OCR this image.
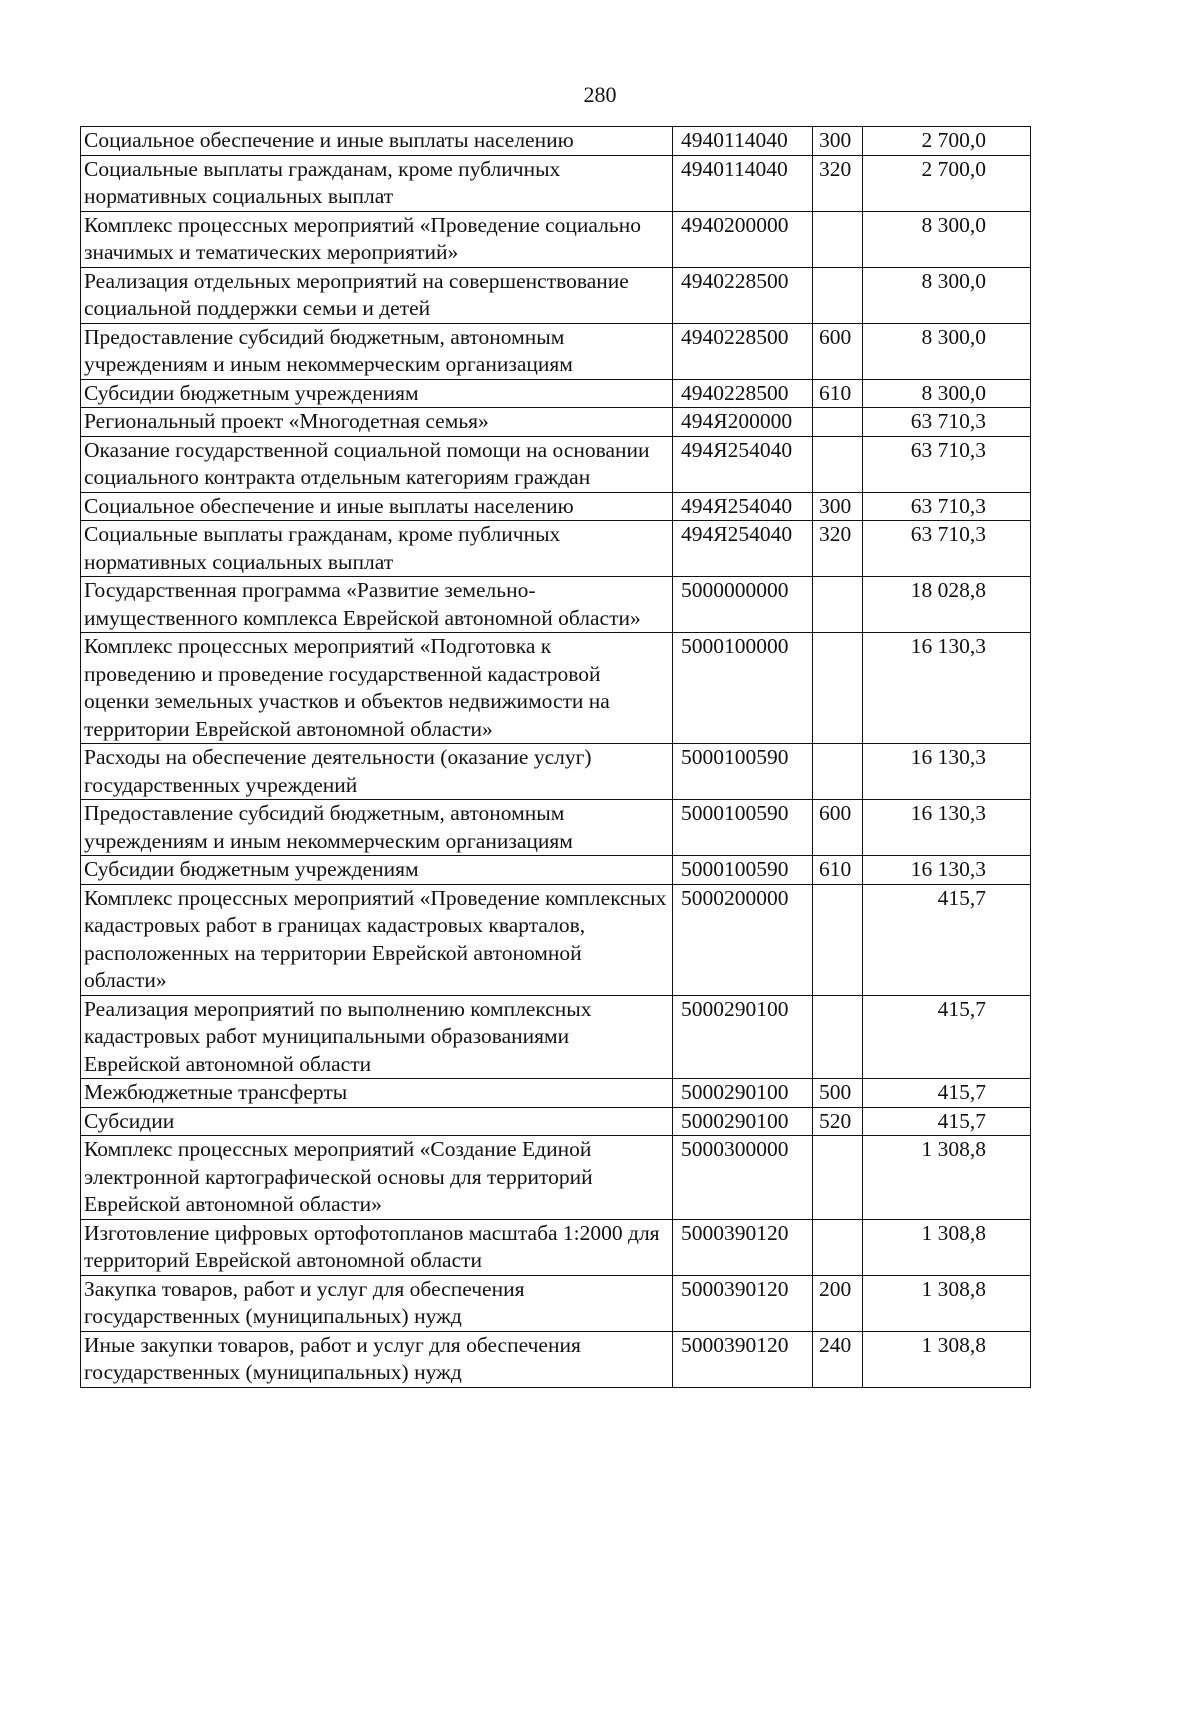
280
Социальное обеспечение и иные выплаты населению	4940114040	300	2 700,0
Социальные выплаты гражданам, кроме публичных нормативных социальных выплат	4940114040	320	2 700,0
Комплекс процессных мероприятий «Проведение социально значимых и тематических мероприятий»	4940200000		8 300,0
Реализация отдельных мероприятий на совершенствование социальной поддержки семьи и детей	4940228500		8 300,0
Предоставление субсидий бюджетным, автономным учреждениям и иным некоммерческим организациям	4940228500	600	8 300,0
Субсидии бюджетным учреждениям	4940228500	610	8 300,0
Региональный проект «Многодетная семья»	494Я200000		63 710,3
Оказание государственной социальной помощи на основании социального контракта отдельным категориям граждан	494Я254040		63 710,3
Социальное обеспечение и иные выплаты населению	494Я254040	300	63 710,3
Социальные выплаты гражданам, кроме публичных нормативных социальных выплат	494Я254040	320	63 710,3
Государственная программа «Развитие земельно-имущественного комплекса Еврейской автономной области»	5000000000		18 028,8
Комплекс процессных мероприятий «Подготовка к проведению и проведение государственной кадастровой оценки земельных участков и объектов недвижимости на территории Еврейской автономной области»	5000100000		16 130,3
Расходы на обеспечение деятельности (оказание услуг) государственных учреждений	5000100590		16 130,3
Предоставление субсидий бюджетным, автономным учреждениям и иным некоммерческим организациям	5000100590	600	16 130,3
Субсидии бюджетным учреждениям	5000100590	610	16 130,3
Комплекс процессных мероприятий «Проведение комплексных кадастровых работ в границах кадастровых кварталов, расположенных на территории Еврейской автономной области»	5000200000		415,7
Реализация мероприятий по выполнению комплексных кадастровых работ муниципальными образованиями Еврейской автономной области	5000290100		415,7
Межбюджетные трансферты	5000290100	500	415,7
Субсидии	5000290100	520	415,7
Комплекс процессных мероприятий «Создание Единой электронной картографической основы для территорий Еврейской автономной области»	5000300000		1 308,8
Изготовление цифровых ортофотопланов масштаба 1:2000 для территорий Еврейской автономной области	5000390120		1 308,8
Закупка товаров, работ и услуг для обеспечения государственных (муниципальных) нужд	5000390120	200	1 308,8
Иные закупки товаров, работ и услуг для обеспечения государственных (муниципальных) нужд	5000390120	240	1 308,8
